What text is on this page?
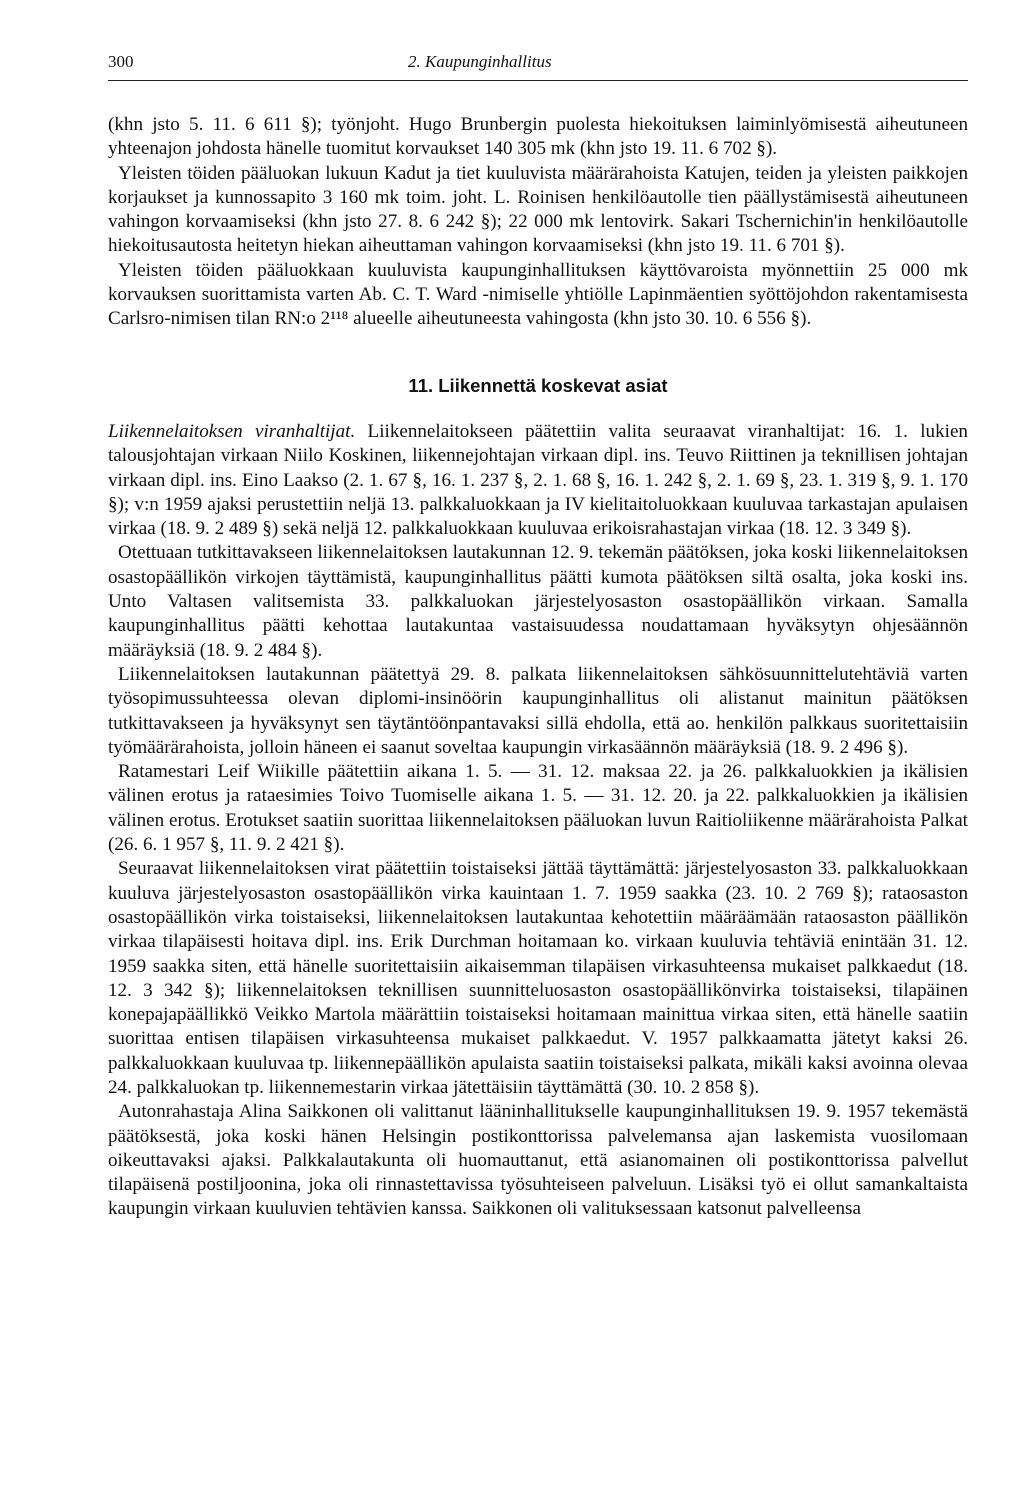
300	2. Kaupunginhallitus

(khn jsto 5. 11. 6 611 §); työnjoht. Hugo Brunbergin puolesta hiekoituksen laiminlyömisestä aiheutuneen yhteenajon johdosta hänelle tuomitut korvaukset 140 305 mk (khn jsto 19. 11. 6 702 §).

Yleisten töiden pääluokan lukuun Kadut ja tiet kuuluvista määrärahoista Katujen, teiden ja yleisten paikkojen korjaukset ja kunnossapito 3 160 mk toim. joht. L. Roinisen henkilöautolle tien päällystämisestä aiheutuneen vahingon korvaamiseksi (khn jsto 27. 8. 6 242 §); 22 000 mk lentovirk. Sakari Tschernichin'in henkilöautolle hiekoitusautosta heitetyn hiekan aiheuttaman vahingon korvaamiseksi (khn jsto 19. 11. 6 701 §).

Yleisten töiden pääluokkaan kuuluvista kaupunginhallituksen käyttövaroista myönnettiin 25 000 mk korvauksen suorittamista varten Ab. C. T. Ward -nimiselle yhtiölle Lapinmäentien syöttöjohdon rakentamisesta Carlsro-nimisen tilan RN:o 2¹¹⁸ alueelle aiheutuneesta vahingosta (khn jsto 30. 10. 6 556 §).

11. Liikennettä koskevat asiat

Liikennelaitoksen viranhaltijat. Liikennelaitokseen päätettiin valita seuraavat viranhaltijat: 16. 1. lukien talousjohtajan virkaan Niilo Koskinen, liikennejohtajan virkaan dipl. ins. Teuvo Riittinen ja teknillisen johtajan virkaan dipl. ins. Eino Laakso (2. 1. 67 §, 16. 1. 237 §, 2. 1. 68 §, 16. 1. 242 §, 2. 1. 69 §, 23. 1. 319 §, 9. 1. 170 §); v:n 1959 ajaksi perustettiin neljä 13. palkkaluokkaan ja IV kielitaitoluokkaan kuuluvaa tarkastajan apulaisen virkaa (18. 9. 2 489 §) sekä neljä 12. palkkaluokkaan kuuluvaa erikoisrahastajan virkaa (18. 12. 3 349 §).

Otettuaan tutkittavakseen liikennelaitoksen lautakunnan 12. 9. tekemän päätöksen, joka koski liikennelaitoksen osastopäällikön virkojen täyttämistä, kaupunginhallitus päätti kumota päätöksen siltä osalta, joka koski ins. Unto Valtasen valitsemista 33. palkkaluokan järjestelyosaston osastopäällikön virkaan. Samalla kaupunginhallitus päätti kehottaa lautakuntaa vastaisuudessa noudattamaan hyväksytyn ohjesäännön määräyksiä (18. 9. 2 484 §).

Liikennelaitoksen lautakunnan päätettyä 29. 8. palkata liikennelaitoksen sähkösuunnittelutehtäviä varten työsopimussuhteessa olevan diplomi-insinöörin kaupunginhallitus oli alistanut mainitun päätöksen tutkittavakseen ja hyväksynyt sen täytäntöönpantavaksi sillä ehdolla, että ao. henkilön palkkaus suoritettaisiin työmäärärahoista, jolloin häneen ei saanut soveltaa kaupungin virkasäännön määräyksiä (18. 9. 2 496 §).

Ratamestari Leif Wiikille päätettiin aikana 1. 5. — 31. 12. maksaa 22. ja 26. palkkaluokkien ja ikälisien välinen erotus ja rataesimies Toivo Tuomiselle aikana 1. 5. — 31. 12. 20. ja 22. palkkaluokkien ja ikälisien välinen erotus. Erotukset saatiin suorittaa liikennelaitoksen pääluokan luvun Raitioliikenne määrärahoista Palkat (26. 6. 1 957 §, 11. 9. 2 421 §).

Seuraavat liikennelaitoksen virat päätettiin toistaiseksi jättää täyttämättä: järjestelyosaston 33. palkkaluokkaan kuuluva järjestelyosaston osastopäällikön virka kauintaan 1. 7. 1959 saakka (23. 10. 2 769 §); rataosaston osastopäällikön virka toistaiseksi, liikennelaitoksen lautakuntaa kehotettiin määräämään rataosaston päällikön virkaa tilapäisesti hoitava dipl. ins. Erik Durchman hoitamaan ko. virkaan kuuluvia tehtäviä enintään 31. 12. 1959 saakka siten, että hänelle suoritettaisiin aikaisemman tilapäisen virkasuhteensa mukaiset palkkaedut (18. 12. 3 342 §); liikennelaitoksen teknillisen suunnitteluosaston osastopäällikönvirka toistaiseksi, tilapäinen konepajapäällikkö Veikko Martola määrättiin toistaiseksi hoitamaan mainittua virkaa siten, että hänelle saatiin suorittaa entisen tilapäisen virkasuhteensa mukaiset palkkaedut. V. 1957 palkkaamatta jätetyt kaksi 26. palkkaluokkaan kuuluvaa tp. liikennepäällikön apulaista saatiin toistaiseksi palkata, mikäli kaksi avoinna olevaa 24. palkkaluokan tp. liikennemestarin virkaa jätettäisiin täyttämättä (30. 10. 2 858 §).

Autonrahastaja Alina Saikkonen oli valittanut lääninhallitukselle kaupunginhallituksen 19. 9. 1957 tekemästä päätöksestä, joka koski hänen Helsingin postikonttorissa palvelemansa ajan laskemista vuosilomaan oikeuttavaksi ajaksi. Palkkalautakunta oli huomauttanut, että asianomainen oli postikonttorissa palvellut tilapäisenä postiljoonina, joka oli rinnastettavissa työsuhteiseen palveluun. Lisäksi työ ei ollut samankaltaista kaupungin virkaan kuuluvien tehtävien kanssa. Saikkonen oli valituksessaan katsonut palvelleensa
